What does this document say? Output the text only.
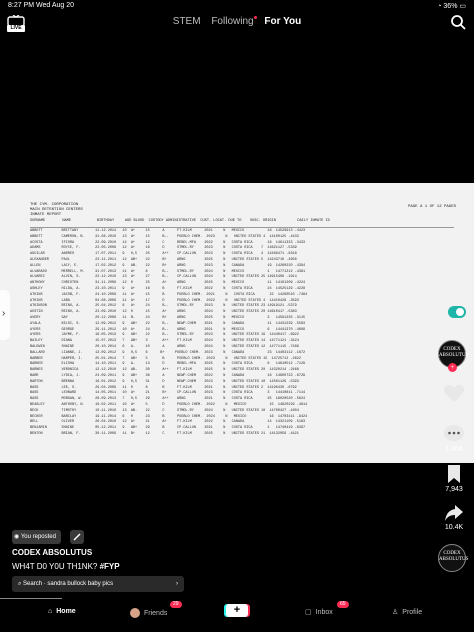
8:27 PM Wed Aug 20	◔ 36% ▭
LIVE
STEM Following For You
THE CYM. CORPORATION
MAIN DETENTION CENTERS
INMATE REPORT
PAGE A 1 OF 12 PAGES
SURNAME        NAME            BIRTHDAY     AGE BLOOD  CUSTODY ADMINISTRATIVE  CUST. LOCAT. DUE TO    SUSC. ORIGIN          DAILY INMATE ID
ABBOTT         BRITTANY        11.12.2014   10  A+     15      A      FT.KILM      2021     N   MEXICO           16  14529913 -4423
ABBOTT         CAMERON, B.     31.08.2010   13  A+     15      B--    PUEBLO CHEM.  2023     N   UNITED STATES 4  14100125 -4433
ACOSTA         IFIORA          22.09.2010   14  A+     12      C      REBEL.MFA    2022     N   COSTA RICA       16  14611333 -3433
ADAMS          ROYCE, F.       22.05.2009   12  A+     16      D      STMDL.RY     2023     N   COSTA RICA    7  14621127 -5339
AGUILAR        ANDRES          17.07.2011   9   0,5    25      A++    CP.CALLUN    2023     N   COSTA RICA    4  14469471 -6318
ALEXANDER      PAUL            23.11.2011   12  AB+    22      B+     ARNG         2025     N   UNITED STATES 5  14243710 -4956
ALLEN          LACY, E.        17.02.2012   9   AB-    22      B+     ARNG         2023     N   CANADA           19  14260220 -4394
ALVARADO       MERRELL, M.     31.07.2013   11  A+     8       B--    STMDL.RY     2024     N   MEXICO           1   14771212 -4381
ALVAREZ        ALVIN, S.       22.12.2010   13  A+     27      B--    CP.CALLUN    2024     N   UNITED STATES 25 14915409 -1914
ANTHONY        CHRISTEN        31.11.2009   12  0      25      A+     ARNG         2025     N   MEXICO           11  14101209 -4224
ASHLEY         HILDA, A.       23.10.2011   9   A+     16      B      FT.KILM      2022     N   COSTA RICA       24  14525129 -4228
ATKINS         JACOB, F.       24.10.2009   11  A+     15      B      PUEBLO CHEM.  2021     N   COSTA RICA       22  14260510 -7484
ATKINS         LARA            04.08.2009   11  A+     17      D      PUEBLO CHEM.  2022     N   UNITED STATES 4  14410428 -3593
ATKINSON       REINO, A.       25.04.2012   8   A+     24      B--    STMDL.RY     2023     N   UNITED STATES 23 14919121 -5379
AUSTIN         REINO, A.       22.09.2010   12  0      15      A+     ARNG         2024     N   UNITED STATES 20 14610417 -5383
AVERY          GAY             20.12.2009   11  B-     24      B+     ARNG         2025     N   MEXICO           3   14591235 -3115
AYALA          KELSI, S.       12.09.2012   9   AB+    22      B--    NEWP.CHEM    2021     N   CANADA           11  14431239 -5583
AYERS          GEORGE          29.11.2012   10  A+     24      B--    ARNG         2021     N   MEXICO           6   14441370 -4609
AYERS          JAYME, F.       16.05.2013   9   AB+    22      B--    STMDL.RY     2023     N   UNITED STATES 19  14440417 -6922
BAILEY         DIANA           15.07.2013   7   AB+    3       A++    FT.KILM      2024     N   UNITED STATES 14  14771121 -3424
BALDWIN        SHAINE          20.10.2014   6   A-     10      A      ARNG         2024     N   UNITED STATES 12  14771115 -7489
BALLARD        LIANNE, J.      13.09.2012   9   0,5    6      B+     PUEBLO CHEM.  2023     N   CANADA           23  14403112 -1672
BARBER         HARPER, I.      25.01.2014   7   AB+    5       B      PUEBLO CHEM.  2023     N   UNITED STATES 15  14725712 -2622
BARKER         ELISHA          14.10.2011   9   A-     13      D      REBEL.MFA    2025     N   COSTA RICA       6   14610512 -7129
BARNES         VERONICA        12.12.2010   12  AB-    30      A++    FT.KILM      2025     N   UNITED STATES 20  14320214 -2468
BARR           LYDIA, J.       24.09.2011   9   AB+    36      A      NEWP.CHEM    2022     N   CANADA           18  14900723 -6729
BARTON         BRENNA          16.01.2012   9   0,5    31      D      NEWP.CHEM    2023     N   UNITED STATES 10  14501129 -5393
BASS           LEE, S.         29.04.2009   11  0      8       B      FT.KILM      2021     N   UNITED STATES 2  14190430 -6792
BASS           LEONARD         14.05.2011   10  A+     21      B+     CP.CALLUN    2023     N   COSTA RICA       3   14410811 -7114
BASS           MORGAN, W.      28.09.2013   7   0,5    29      A++    ARNG         2021     N   COSTA RICA       25  16020520 -5624
BEASLEY        ANTHONY, N.     16.02.2011   10  A+     5       D      PUEBLO CHEM.  2022     N   MEXICO           15  14620229 -4814
BECK           TIMOTHY         10.11.2010   13  AB-    22      C      STMDL.RY     2024     N   UNITED STATES 10  14700427 -1604
BECKER         BARCLAY         19.11.2014   6   0      23      B      PUEBLO CHEM.  2024     N   MEXICO           16  14703111 -9424
BELL           OLIVER          26.04.2010   12  A+     21      A+     FT.KILM      2022     N   CANADA           14  14321109 -5163
BENJAMIN       SHAINE          05.12.2011   9   AB+    29      B      CP.CALLUN    2021     N   COSTA RICA       1   14740419 -6397
BENTON         BRIAN, F.       30.11.2009   11  B+     12      C      FT.KILM      2025     N   UNITED STATES 21  14132059 -4421
›
CODEX ABSOLUTUS
+
1,404
7,943
10.4K
CODEX ABSOLUTUS
◉ You reposted
CODEX ABSOLUTUS
WH4T D0 Y0U TH1NK? #FYP
⌕ Search · sandra bullock baby pics	›
⌂ Home	Friends
29
▢ Inbox
65
♙ Profile
+
